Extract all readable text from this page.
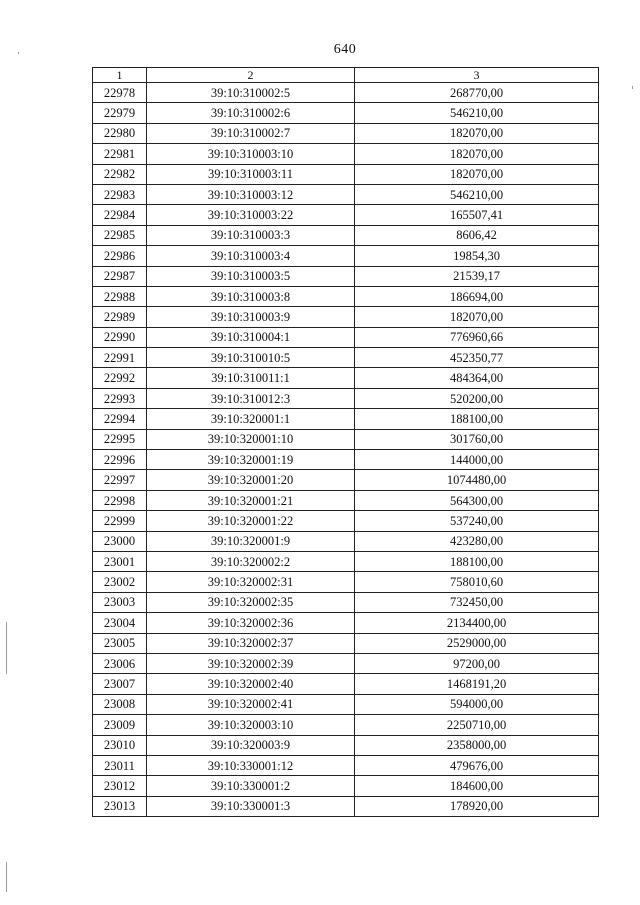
640
1	2	3
22978	39:10:310002:5	268770,00
22979	39:10:310002:6	546210,00
22980	39:10:310002:7	182070,00
22981	39:10:310003:10	182070,00
22982	39:10:310003:11	182070,00
22983	39:10:310003:12	546210,00
22984	39:10:310003:22	165507,41
22985	39:10:310003:3	8606,42
22986	39:10:310003:4	19854,30
22987	39:10:310003:5	21539,17
22988	39:10:310003:8	186694,00
22989	39:10:310003:9	182070,00
22990	39:10:310004:1	776960,66
22991	39:10:310010:5	452350,77
22992	39:10:310011:1	484364,00
22993	39:10:310012:3	520200,00
22994	39:10:320001:1	188100,00
22995	39:10:320001:10	301760,00
22996	39:10:320001:19	144000,00
22997	39:10:320001:20	1074480,00
22998	39:10:320001:21	564300,00
22999	39:10:320001:22	537240,00
23000	39:10:320001:9	423280,00
23001	39:10:320002:2	188100,00
23002	39:10:320002:31	758010,60
23003	39:10:320002:35	732450,00
23004	39:10:320002:36	2134400,00
23005	39:10:320002:37	2529000,00
23006	39:10:320002:39	97200,00
23007	39:10:320002:40	1468191,20
23008	39:10:320002:41	594000,00
23009	39:10:320003:10	2250710,00
23010	39:10:320003:9	2358000,00
23011	39:10:330001:12	479676,00
23012	39:10:330001:2	184600,00
23013	39:10:330001:3	178920,00
